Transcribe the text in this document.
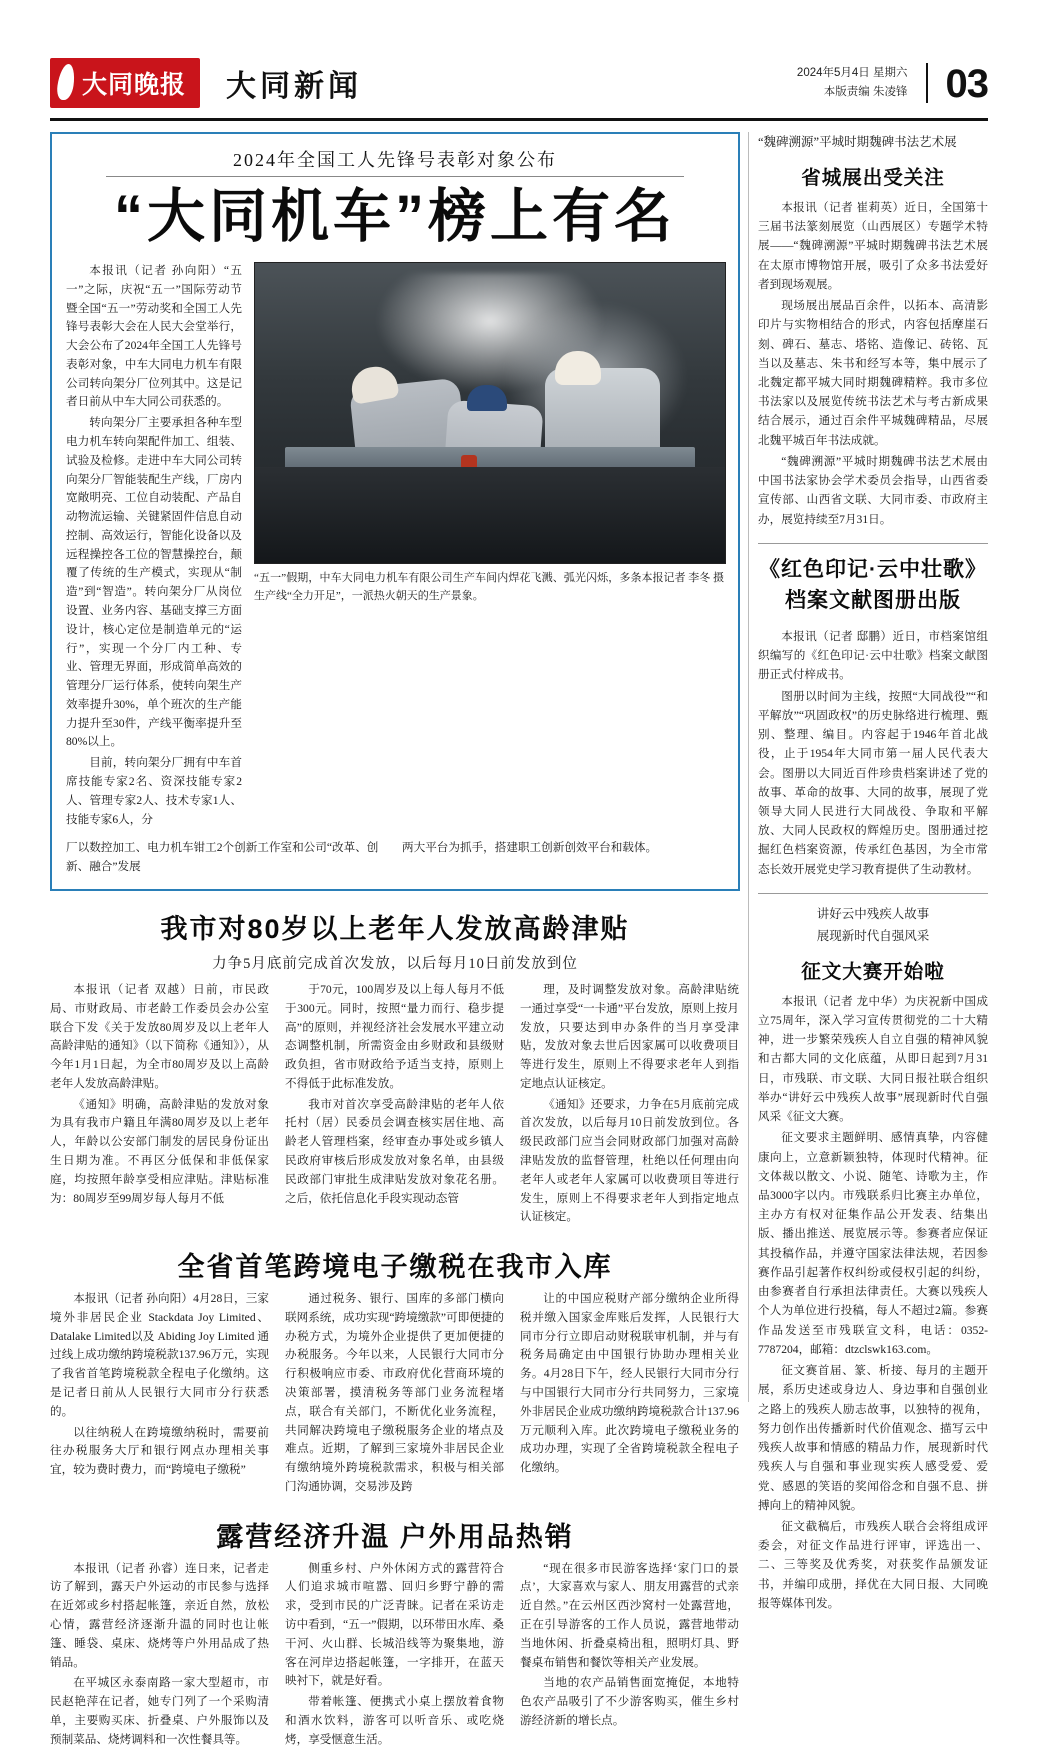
大同晚报 大同新闻	2024年5月4日 星期六
本版责编 朱凌锋 03
2024年全国工人先锋号表彰对象公布
“大同机车”榜上有名

本报讯（记者 孙向阳）“五一”之际，庆祝“五一”国际劳动节暨全国“五一”劳动奖和全国工人先锋号表彰大会在人民大会堂举行，大会公布了2024年全国工人先锋号表彰对象，中车大同电力机车有限公司转向架分厂位列其中。这是记者日前从中车大同公司获悉的。

转向架分厂主要承担各种车型电力机车转向架配件加工、组装、试验及检修。走进中车大同公司转向架分厂智能装配生产线，厂房内宽敞明亮、工位自动装配、产品自动物流运输、关键紧固件信息自动控制、高效运行，智能化设备以及远程操控各工位的智慧操控台，颠覆了传统的生产模式，实现从“制造”到“智造”。转向架分厂从岗位设置、业务内容、基础支撑三方面设计，核心定位是制造单元的“运行”，实现一个分厂内工种、专业、管理无界面，形成简单高效的管理分厂运行体系，使转向架生产效率提升30%，单个班次的生产能力提升至30件，产线平衡率提升至80%以上。

目前，转向架分厂拥有中车首席技能专家2名、资深技能专家2人、管理专家2人、技术专家1人、技能专家6人，分

本报记者 李冬 摄
“五一”假期，中车大同电力机车有限公司生产车间内焊花飞溅、弧光闪烁，多条生产线“全力开足”，一派热火朝天的生产景象。
厂以数控加工、电力机车钳工2个创新工作室和公司“改革、创新、融合”发展
两大平台为抓手，搭建职工创新创效平台和载体。
我市对80岁以上老年人发放高龄津贴
力争5月底前完成首次发放，以后每月10日前发放到位

本报讯（记者 双越）日前，市民政局、市财政局、市老龄工作委员会办公室联合下发《关于发放80周岁及以上老年人高龄津贴的通知》（以下简称《通知》），从今年1月1日起，为全市80周岁及以上高龄老年人发放高龄津贴。

《通知》明确，高龄津贴的发放对象为具有我市户籍且年满80周岁及以上老年人，年龄以公安部门制发的居民身份证出生日期为准。不再区分低保和非低保家庭，均按照年龄享受相应津贴。津贴标准为：80周岁至99周岁每人每月不低

于70元，100周岁及以上每人每月不低于300元。同时，按照“量力而行、稳步提高”的原则，并视经济社会发展水平建立动态调整机制，所需资金由乡财政和县级财政负担，省市财政给予适当支持，原则上不得低于此标准发放。

我市对首次享受高龄津贴的老年人依托村（居）民委员会调查核实居住地、高龄老人管理档案，经审查办事处或乡镇人民政府审核后形成发放对象名单，由县级民政部门审批生成津贴发放对象花名册。之后，依托信息化手段实现动态管

理，及时调整发放对象。高龄津贴统一通过享受“一卡通”平台发放，原则上按月发放，只要达到申办条件的当月享受津贴，发放对象去世后因家属可以收费项目等进行发生，原则上不得要求老年人到指定地点认证核定。

《通知》还要求，力争在5月底前完成首次发放，以后每月10日前发放到位。各级民政部门应当会同财政部门加强对高龄津贴发放的监督管理，杜绝以任何理由向老年人或老年人家属可以收费项目等进行发生，原则上不得要求老年人到指定地点认证核定。

全省首笔跨境电子缴税在我市入库

本报讯（记者 孙向阳）4月28日，三家境外非居民企业 Stackdata Joy Limited、Datalake Limited以及 Abiding Joy Limited 通过线上成功缴纳跨境税款137.96万元，实现了我省首笔跨境税款全程电子化缴纳。这是记者日前从人民银行大同市分行获悉的。

以往纳税人在跨境缴纳税时，需要前往办税服务大厅和银行网点办理相关事宜，较为费时费力，而“跨境电子缴税”

通过税务、银行、国库的多部门横向联网系统，成功实现“跨境缴款”可即便捷的办税方式，为境外企业提供了更加便捷的办税服务。今年以来，人民银行大同市分行积极响应市委、市政府优化营商环境的决策部署，摸清税务等部门业务流程堵点，联合有关部门，不断优化业务流程，共同解决跨境电子缴税服务企业的堵点及难点。近期，了解到三家境外非居民企业有缴纳境外跨境税款需求，积极与相关部门沟通协调，交易涉及跨

让的中国应税财产部分缴纳企业所得税并缴入国家金库账后发挥，人民银行大同市分行立即启动财税联审机制，并与有税务局确定由中国银行协助办理相关业务。4月28日下午，经人民银行大同市分行与中国银行大同市分行共同努力，三家境外非居民企业成功缴纳跨境税款合计137.96万元顺利入库。此次跨境电子缴税业务的成功办理，实现了全省跨境税款全程电子化缴纳。

露营经济升温 户外用品热销

本报讯（记者 孙睿）连日来，记者走访了解到，露天户外运动的市民参与选择在近郊或乡村搭起帐篷，亲近自然，放松心情，露营经济逐渐升温的同时也让帐篷、睡袋、桌床、烧烤等户外用品成了热销品。

在平城区永泰南路一家大型超市，市民赵艳萍在记者，她专门列了一个采购清单，主要购买床、折叠桌、户外服饰以及预制菜品、烧烤调料和一次性餐具等。

侧重乡村、户外休闲方式的露营符合人们追求城市喧嚣、回归乡野宁静的需求，受到市民的广泛青睐。记者在采访走访中看到，“五一”假期，以环带田水库、桑干河、火山群、长城沿线等为聚集地，游客在河岸边搭起帐篷，一字排开，在蓝天映衬下，就是好看。

带着帐篷、便携式小桌上摆放着食物和酒水饮料，游客可以听音乐、或吃烧烤，享受惬意生活。

“现在很多市民游客选择‘家门口的景点’，大家喜欢与家人、朋友用露营的式亲近自然。”在云州区西沙窝村一处露营地，正在引导游客的工作人员说，露营地带动当地休闲、折叠桌椅出租，照明灯具、野餐桌布销售和餐饮等相关产业发展。

当地的农产品销售面宽掩促，本地特色农产品吸引了不少游客购买，催生乡村游经济新的增长点。

“魏碑溯源”平城时期魏碑书法艺术展
省城展出受关注

本报讯（记者 崔莉英）近日，全国第十三届书法篆刻展览（山西展区）专题学术特展——“魏碑溯源”平城时期魏碑书法艺术展在太原市博物馆开展，吸引了众多书法爱好者到现场观展。

现场展出展品百余件，以拓本、高清影印片与实物相结合的形式，内容包括摩崖石刻、碑石、墓志、塔铭、造像记、砖铭、瓦当以及墓志、朱书和经写本等，集中展示了北魏定都平城大同时期魏碑精粹。我市多位书法家以及展览传统书法艺术与考古新成果结合展示，通过百余件平城魏碑精品，尽展北魏平城百年书法成就。

“魏碑溯源”平城时期魏碑书法艺术展由中国书法家协会学术委员会指导，山西省委宣传部、山西省文联、大同市委、市政府主办，展览持续至7月31日。

《红色印记·云中壮歌》
档案文献图册出版

本报讯（记者 邸鹏）近日，市档案馆组织编写的《红色印记·云中壮歌》档案文献图册正式付梓成书。

图册以时间为主线，按照“大同战役”“和平解放”“巩固政权”的历史脉络进行梳理、甄别、整理、编目。内容起于1946年首北战役，止于1954年大同市第一届人民代表大会。图册以大同近百件珍贵档案讲述了党的故事、革命的故事、大同的故事，展现了党领导大同人民进行大同战役、争取和平解放、大同人民政权的辉煌历史。图册通过挖掘红色档案资源，传承红色基因，为全市常态长效开展党史学习教育提供了生动教材。

讲好云中残疾人故事
展现新时代自强风采
征文大赛开始啦

本报讯（记者 龙中华）为庆祝新中国成立75周年，深入学习宣传贯彻党的二十大精神，进一步繁荣残疾人自立自强的精神风貌和古都大同的文化底蕴，从即日起到7月31日，市残联、市文联、大同日报社联合组织举办“讲好云中残疾人故事”展现新时代自强风采《征文大赛。

征文要求主题鲜明、感情真挚，内容健康向上，立意新颖独特，体现时代精神。征文体裁以散文、小说、随笔、诗歌为主，作品3000字以内。市残联系归比赛主办单位，主办方有权对征集作品公开发表、结集出版、播出推送、展览展示等。参赛者应保证其投稿作品，并遵守国家法律法规，若因参赛作品引起著作权纠纷或侵权引起的纠纷，由参赛者自行承担法律责任。大赛以残疾人个人为单位进行投稿，每人不超过2篇。参赛作品发送至市残联宣文科，电话：0352-7787204，邮箱：dtzclswk163.com。

征文赛首届、篆、析接、每月的主题开展，系历史述或身边人、身边事和自强创业之路上的残疾人励志故事，以独特的视角，努力创作出传播新时代价值观念、描写云中残疾人故事和情感的精品力作，展现新时代残疾人与自强和事业现实疾人感受爱、爱党、感恩的笑语的奖闻俗念和自强不息、拼搏向上的精神风貌。

征文截稿后，市残疾人联合会将组成评委会，对征文作品进行评审，评选出一、二、三等奖及优秀奖，对获奖作品颁发证书，并编印成册，择优在大同日报、大同晚报等媒体刊发。
